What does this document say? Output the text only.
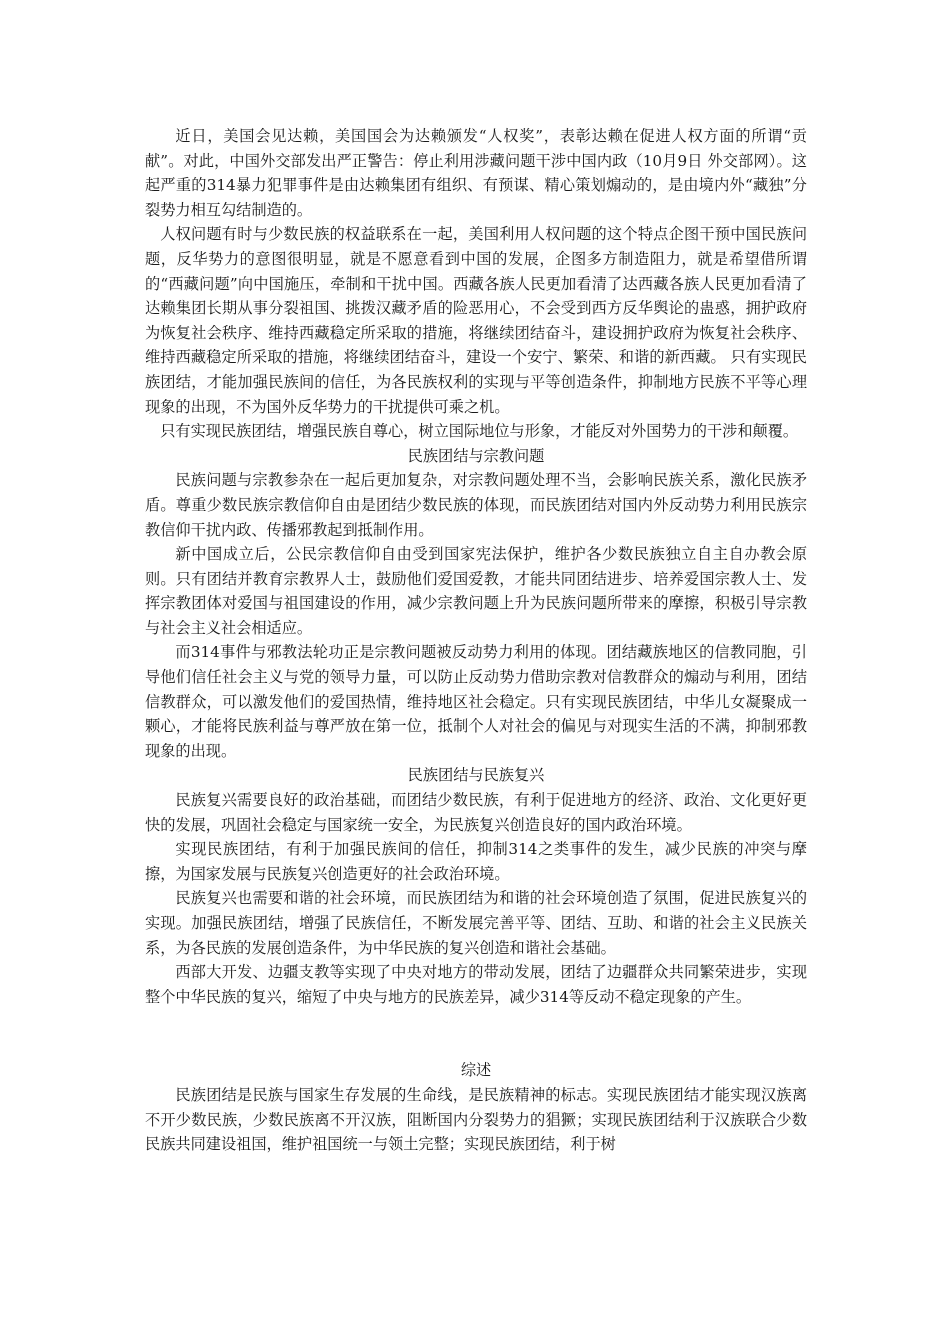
近日，美国会见达赖，美国国会为达赖颁发“人权奖”，表彰达赖在促进人权方面的所谓“贡献”。对此，中国外交部发出严正警告：停止利用涉藏问题干涉中国内政（10月9日 外交部网）。这起严重的314暴力犯罪事件是由达赖集团有组织、有预谋、精心策划煽动的，是由境内外“藏独”分裂势力相互勾结制造的。

人权问题有时与少数民族的权益联系在一起，美国利用人权问题的这个特点企图干预中国民族问题，反华势力的意图很明显，就是不愿意看到中国的发展，企图多方制造阻力，就是希望借所谓的“西藏问题”向中国施压，牵制和干扰中国。西藏各族人民更加看清了达西藏各族人民更加看清了达赖集团长期从事分裂祖国、挑拨汉藏矛盾的险恶用心，不会受到西方反华舆论的蛊惑，拥护政府为恢复社会秩序、维持西藏稳定所采取的措施，将继续团结奋斗，建设拥护政府为恢复社会秩序、维持西藏稳定所采取的措施，将继续团结奋斗，建设一个安宁、繁荣、和谐的新西藏。 只有实现民族团结，才能加强民族间的信任，为各民族权利的实现与平等创造条件，抑制地方民族不平等心理现象的出现，不为国外反华势力的干扰提供可乘之机。

只有实现民族团结，增强民族自尊心，树立国际地位与形象，才能反对外国势力的干涉和颠覆。

民族团结与宗教问题

民族问题与宗教参杂在一起后更加复杂，对宗教问题处理不当，会影响民族关系，激化民族矛盾。尊重少数民族宗教信仰自由是团结少数民族的体现，而民族团结对国内外反动势力利用民族宗教信仰干扰内政、传播邪教起到抵制作用。

新中国成立后，公民宗教信仰自由受到国家宪法保护，维护各少数民族独立自主自办教会原则。只有团结并教育宗教界人士，鼓励他们爱国爱教，才能共同团结进步、培养爱国宗教人士、发挥宗教团体对爱国与祖国建设的作用，减少宗教问题上升为民族问题所带来的摩擦，积极引导宗教与社会主义社会相适应。

而314事件与邪教法轮功正是宗教问题被反动势力利用的体现。团结藏族地区的信教同胞，引导他们信任社会主义与党的领导力量，可以防止反动势力借助宗教对信教群众的煽动与利用，团结信教群众，可以激发他们的爱国热情，维持地区社会稳定。只有实现民族团结，中华儿女凝聚成一颗心，才能将民族利益与尊严放在第一位，抵制个人对社会的偏见与对现实生活的不满，抑制邪教现象的出现。

民族团结与民族复兴

民族复兴需要良好的政治基础，而团结少数民族，有利于促进地方的经济、政治、文化更好更快的发展，巩固社会稳定与国家统一安全，为民族复兴创造良好的国内政治环境。

实现民族团结，有利于加强民族间的信任，抑制314之类事件的发生，减少民族的冲突与摩擦，为国家发展与民族复兴创造更好的社会政治环境。

民族复兴也需要和谐的社会环境，而民族团结为和谐的社会环境创造了氛围，促进民族复兴的实现。加强民族团结，增强了民族信任，不断发展完善平等、团结、互助、和谐的社会主义民族关系，为各民族的发展创造条件，为中华民族的复兴创造和谐社会基础。

西部大开发、边疆支教等实现了中央对地方的带动发展，团结了边疆群众共同繁荣进步，实现整个中华民族的复兴，缩短了中央与地方的民族差异，减少314等反动不稳定现象的产生。

综述

民族团结是民族与国家生存发展的生命线，是民族精神的标志。实现民族团结才能实现汉族离不开少数民族，少数民族离不开汉族，阻断国内分裂势力的猖獗；实现民族团结利于汉族联合少数民族共同建设祖国，维护祖国统一与领土完整；实现民族团结，利于树
